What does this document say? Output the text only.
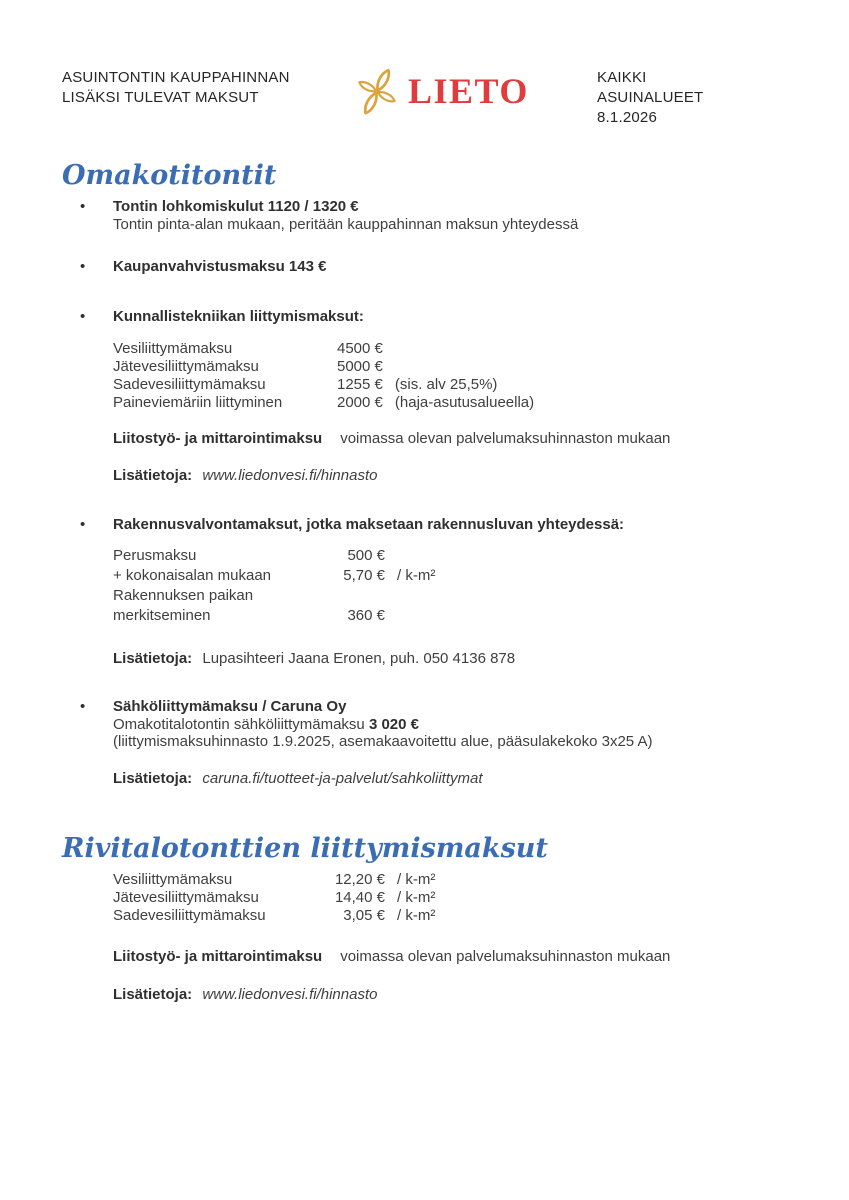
ASUINTONTIN KAUPPAHINNAN
LISÄKSI TULEVAT MAKSUT	LIETO	KAIKKI
ASUINALUEET
8.1.2026
Omakotitontit
•
Tontin lohkomiskulut 1120 / 1320 €
Tontin pinta-alan mukaan, peritään kauppahinnan maksun yhteydessä
•
Kaupanvahvistusmaksu 143 €
•
Kunnallistekniikan liittymismaksut:
Vesiliittymämaksu	4500 €
Jätevesiliittymämaksu	5000 €
Sadevesiliittymämaksu	1255 € (sis. alv 25,5%)
Paineviemäriin liittyminen	2000 € (haja-asutusalueella)
Liitostyö- ja mittarointimaksu voimassa olevan palvelumaksuhinnaston mukaan
Lisätietoja: www.liedonvesi.fi/hinnasto
•
Rakennusvalvontamaksut, jotka maksetaan rakennusluvan yhteydessä:
Perusmaksu	500 €
+ kokonaisalan mukaan	5,70 € / k-m²
Rakennuksen paikan
merkitseminen	360 €
Lisätietoja: Lupasihteeri Jaana Eronen, puh. 050 4136 878
•
Sähköliittymämaksu / Caruna Oy
Omakotitalotontin sähköliittymämaksu 3 020 €
(liittymismaksuhinnasto 1.9.2025, asemakaavoitettu alue, pääsulakekoko 3x25 A)
Lisätietoja: caruna.fi/tuotteet-ja-palvelut/sahkoliittymat
Rivitalotonttien liittymismaksut
Vesiliittymämaksu	12,20 € / k-m²
Jätevesiliittymämaksu	14,40 € / k-m²
Sadevesiliittymämaksu	3,05 € / k-m²
Liitostyö- ja mittarointimaksu voimassa olevan palvelumaksuhinnaston mukaan
Lisätietoja: www.liedonvesi.fi/hinnasto
